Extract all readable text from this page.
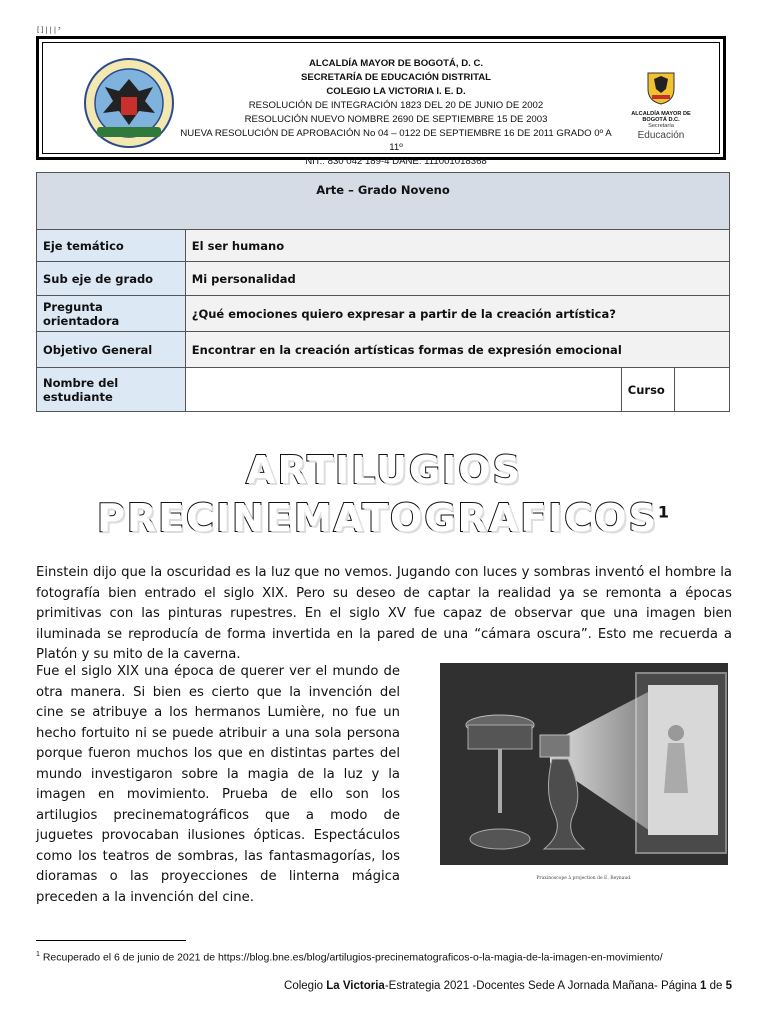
[]|||³
ALCALDÍA MAYOR DE BOGOTÁ, D. C.
SECRETARÍA DE EDUCACIÓN DISTRITAL
COLEGIO LA VICTORIA I. E. D.
RESOLUCIÓN DE INTEGRACIÓN 1823 DEL 20 DE JUNIO DE 2002
RESOLUCIÓN NUEVO NOMBRE 2690 DE SEPTIEMBRE 15 DE 2003
NUEVA RESOLUCIÓN DE APROBACIÓN No 04 – 0122 DE SEPTIEMBRE 16 DE 2011 GRADO 0º A 11º
NIT.: 830 042 189-4 DANE: 111001018368
ALCALDÍA MAYOR DE BOGOTÁ D.C.
Secretaría
Educación
Arte – Grado Noveno			
Eje temático	El ser humano		
Sub eje de grado	Mi personalidad		
Pregunta orientadora	¿Qué emociones quiero expresar a partir de la creación artística?		
Objetivo General	Encontrar en la creación artísticas formas de expresión emocional		
Nombre del estudiante		Curso	
ARTILUGIOS
PRECINEMATOGRAFICOS$^1$
Einstein dijo que la oscuridad es la luz que no vemos. Jugando con luces y sombras inventó el hombre la fotografía bien entrado el siglo XIX. Pero su deseo de captar la realidad ya se remonta a épocas primitivas con las pinturas rupestres. En el siglo XV fue capaz de observar que una imagen bien iluminada se reproducía de forma invertida en la pared de una “cámara oscura”. Esto me recuerda a Platón y su mito de la caverna.
Fue el siglo XIX una época de querer ver el mundo de otra manera. Si bien es cierto que la invención del cine se atribuye a los hermanos Lumière, no fue un hecho fortuito ni se puede atribuir a una sola persona porque fueron muchos los que en distintas partes del mundo investigaron sobre la magia de la luz y la imagen en movimiento. Prueba de ello son los artilugios precinematográficos que a modo de juguetes provocaban ilusiones ópticas. Espectáculos como los teatros de sombras, las fantasmagorías, los dioramas o las proyecciones de linterna mágica preceden a la invención del cine.
Praxinoscope à projection de E. Reynaud.
$^1$ Recuperado el 6 de junio de 2021 de https://blog.bne.es/blog/artilugios-precinematograficos-o-la-magia-de-la-imagen-en-movimiento/
Colegio La Victoria-Estrategia 2021 -Docentes Sede A Jornada Mañana- Página 1 de 5
